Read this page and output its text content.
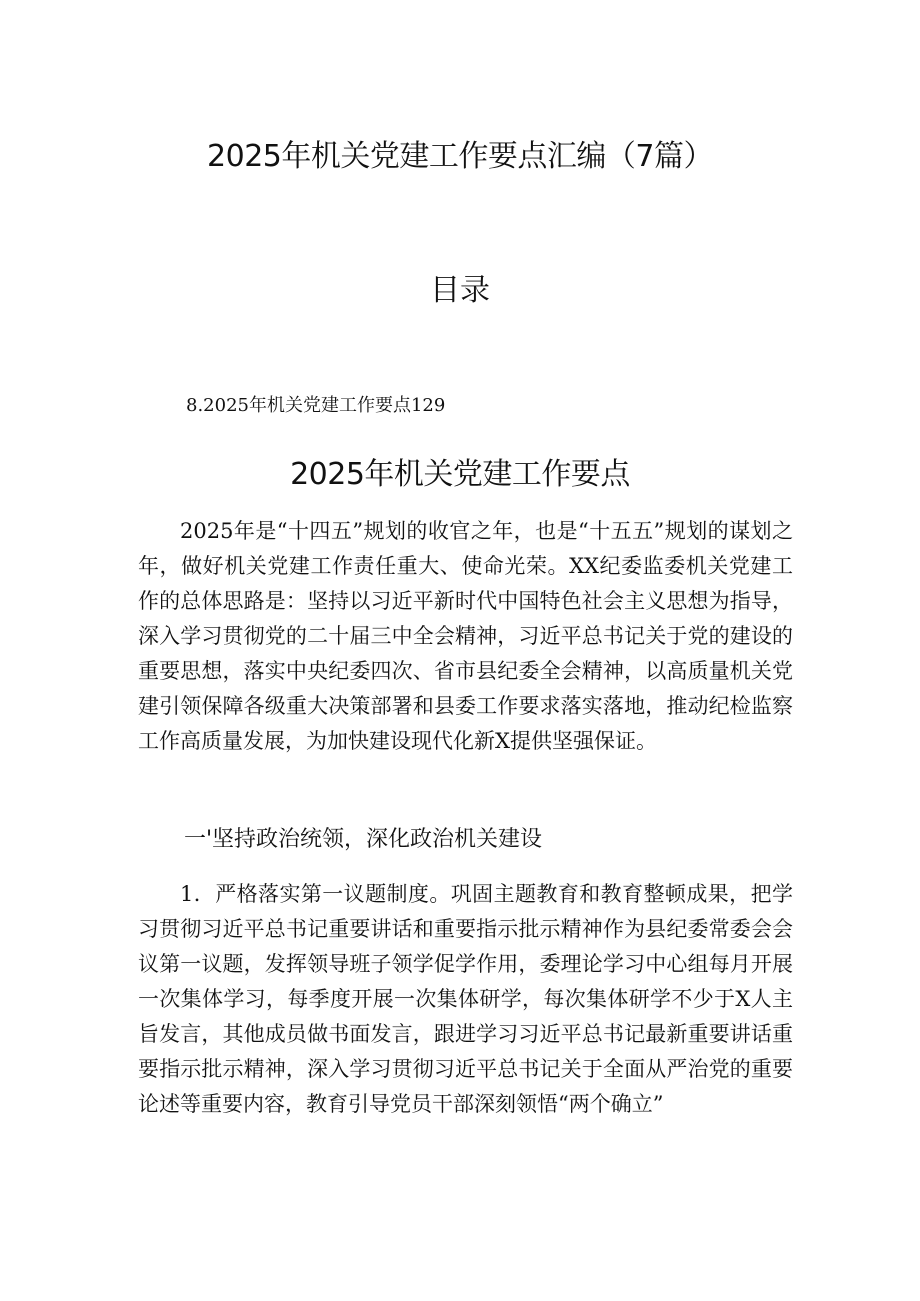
2025年机关党建工作要点汇编（7篇）
目录
8.2025年机关党建工作要点129
2025年机关党建工作要点

2025年是“十四五”规划的收官之年，也是“十五五”规划的谋划之年，做好机关党建工作责任重大、使命光荣。XX纪委监委机关党建工作的总体思路是：坚持以习近平新时代中国特色社会主义思想为指导，深入学习贯彻党的二十届三中全会精神，习近平总书记关于党的建设的重要思想，落实中央纪委四次、省市县纪委全会精神，以高质量机关党建引领保障各级重大决策部署和县委工作要求落实落地，推动纪检监察工作高质量发展，为加快建设现代化新X提供坚强保证。

一'坚持政治统领，深化政治机关建设

1．严格落实第一议题制度。巩固主题教育和教育整顿成果，把学习贯彻习近平总书记重要讲话和重要指示批示精神作为县纪委常委会会议第一议题，发挥领导班子领学促学作用，委理论学习中心组每月开展一次集体学习，每季度开展一次集体研学，每次集体研学不少于X人主旨发言，其他成员做书面发言，跟进学习习近平总书记最新重要讲话重要指示批示精神，深入学习贯彻习近平总书记关于全面从严治党的重要论述等重要内容，教育引导党员干部深刻领悟“两个确立”
